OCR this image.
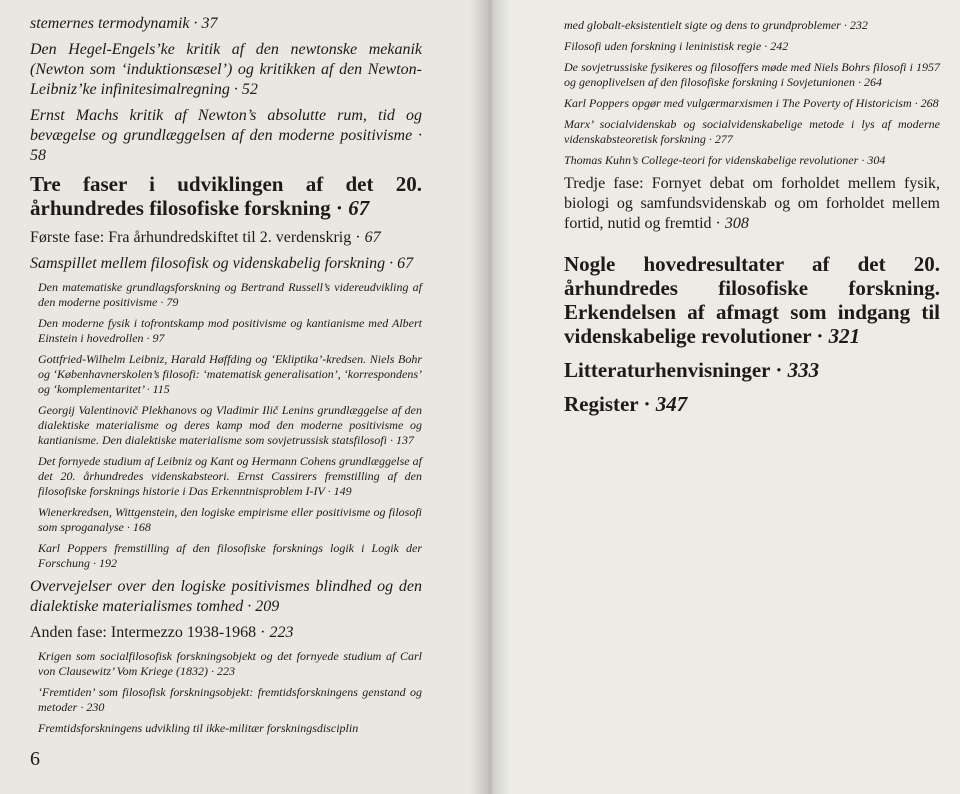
stemernes termodynamik · 37

Den Hegel-Engels’ke kritik af den newtonske mekanik (Newton som ‘induktionsæsel’) og kritikken af den Newton-Leibniz’ke infinitesimalregning · 52

Ernst Machs kritik af Newton’s absolutte rum, tid og bevægelse og grundlæggelsen af den moderne positivisme · 58

Tre faser i udviklingen af det 20. århundredes filosofiske forskning · 67

Første fase: Fra århundredskiftet til 2. verdenskrig · 67

Samspillet mellem filosofisk og videnskabelig forskning · 67

Den matematiske grundlagsforskning og Bertrand Russell’s videreudvikling af den moderne positivisme · 79

Den moderne fysik i tofrontskamp mod positivisme og kantianisme med Albert Einstein i hovedrollen · 97

Gottfried-Wilhelm Leibniz, Harald Høffding og ‘Ekliptika’-kredsen. Niels Bohr og ‘Københavnerskolen’s filosofi: ‘matematisk generalisation’, ‘korrespondens’ og ‘komplementaritet’ · 115

Georgij Valentinovič Plekhanovs og Vladimir Ilič Lenins grundlæggelse af den dialektiske materialisme og deres kamp mod den moderne positivisme og kantianisme. Den dialektiske materialisme som sovjetrussisk statsfilosofi · 137

Det fornyede studium af Leibniz og Kant og Hermann Cohens grundlæggelse af det 20. århundredes videnskabsteori. Ernst Cassirers fremstilling af den filosofiske forsknings historie i Das Erkenntnisproblem I-IV · 149

Wienerkredsen, Wittgenstein, den logiske empirisme eller positivisme og filosofi som sproganalyse · 168

Karl Poppers fremstilling af den filosofiske forsknings logik i Logik der Forschung · 192

Overvejelser over den logiske positivismes blindhed og den dialektiske materialismes tomhed · 209

Anden fase: Intermezzo 1938-1968 · 223

Krigen som socialfilosofisk forskningsobjekt og det fornyede studium af Carl von Clausewitz’ Vom Kriege (1832) · 223

‘Fremtiden’ som filosofisk forskningsobjekt: fremtidsforskningens genstand og metoder · 230

Fremtidsforskningens udvikling til ikke-militær forskningsdisciplin

6

med globalt-eksistentielt sigte og dens to grundproblemer · 232

Filosofi uden forskning i leninistisk regie · 242

De sovjetrussiske fysikeres og filosoffers møde med Niels Bohrs filosofi i 1957 og genoplivelsen af den filosofiske forskning i Sovjetunionen · 264

Karl Poppers opgør med vulgærmarxismen i The Poverty of Historicism · 268

Marx’ socialvidenskab og socialvidenskabelige metode i lys af moderne videnskabsteoretisk forskning · 277

Thomas Kuhn’s College-teori for videnskabelige revolutioner · 304

Tredje fase: Fornyet debat om forholdet mellem fysik, biologi og samfundsvidenskab og om forholdet mellem fortid, nutid og fremtid · 308

Nogle hovedresultater af det 20. århundredes filosofiske forskning. Erkendelsen af afmagt som indgang til videnskabelige revolutioner · 321

Litteraturhenvisninger · 333

Register · 347
